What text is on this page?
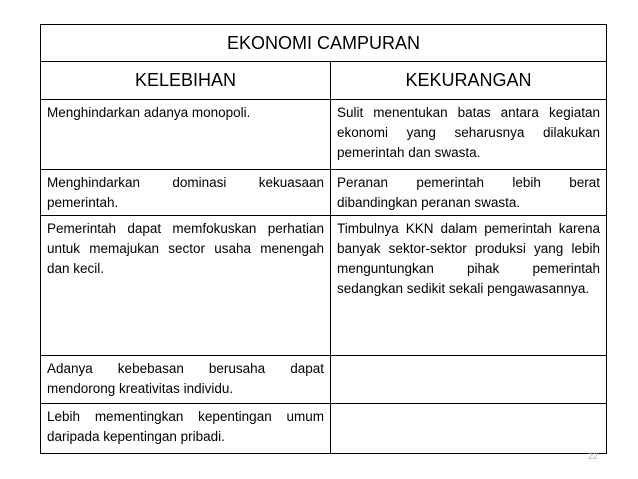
EKONOMI CAMPURAN	
KELEBIHAN	KEKURANGAN
Menghindarkan adanya monopoli.	Sulit menentukan batas antara kegiatan ekonomi yang seharusnya dilakukan pemerintah dan swasta.
Menghindarkan dominasi kekuasaan pemerintah.	Peranan pemerintah lebih berat dibandingkan peranan swasta.
Pemerintah dapat memfokuskan perhatian untuk memajukan sector usaha menengah dan kecil.	Timbulnya KKN dalam pemerintah karena banyak sektor-sektor produksi yang lebih menguntungkan pihak pemerintah sedangkan sedikit sekali pengawasannya.
Adanya kebebasan berusaha dapat mendorong kreativitas individu.	
Lebih mementingkan kepentingan umum daripada kepentingan pribadi.	
22
